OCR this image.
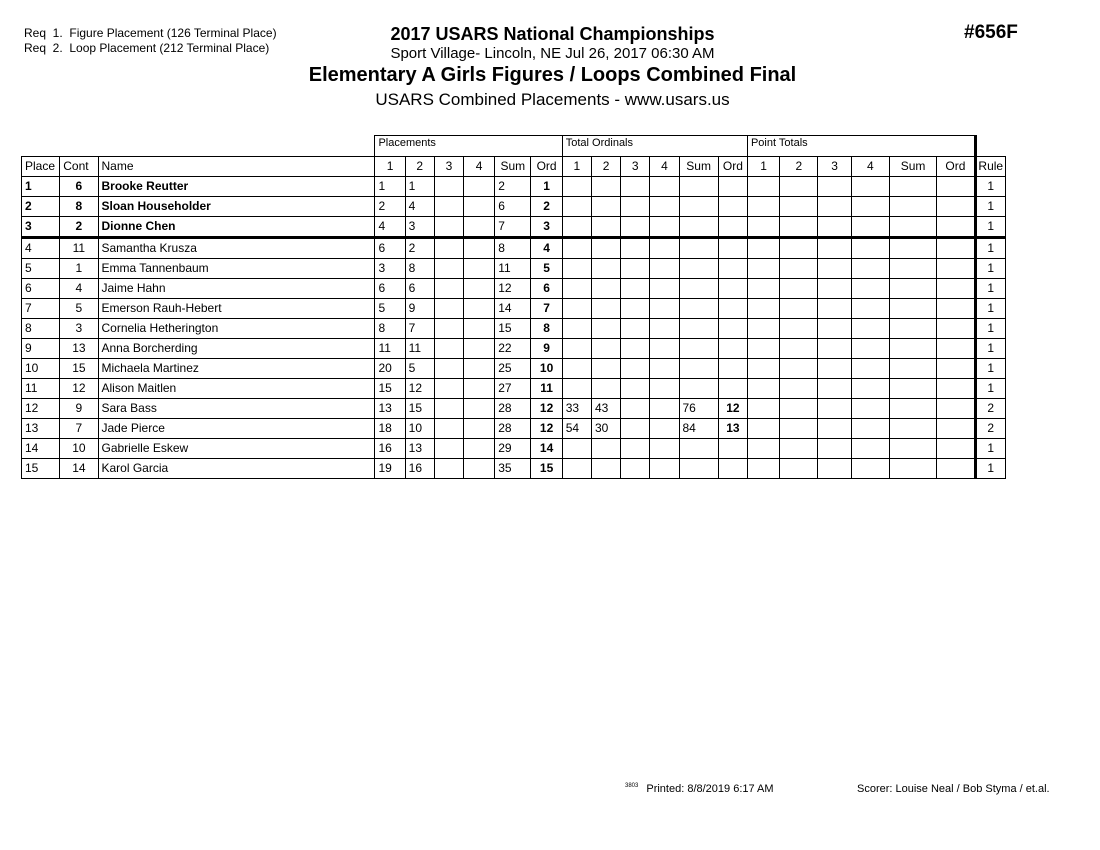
Req  1.  Figure Placement (126 Terminal Place)
Req  2.  Loop Placement (212 Terminal Place)
#656F
2017 USARS National Championships
Sport Village- Lincoln, NE Jul 26, 2017 06:30 AM
Elementary A Girls Figures / Loops Combined Final
USARS Combined Placements - www.usars.us
			Placements						Total Ordinals						Point Totals						
Place	Cont	Name	1	2	3	4	Sum	Ord	1	2	3	4	Sum	Ord	1	2	3	4	Sum	Ord	Rule
1	6	Brooke Reutter	1	1			2	1													1
2	8	Sloan Householder	2	4			6	2													1
3	2	Dionne Chen	4	3			7	3													1
4	11	Samantha Krusza	6	2			8	4													1
5	1	Emma Tannenbaum	3	8			11	5													1
6	4	Jaime Hahn	6	6			12	6													1
7	5	Emerson Rauh-Hebert	5	9			14	7													1
8	3	Cornelia Hetherington	8	7			15	8													1
9	13	Anna Borcherding	11	11			22	9													1
10	15	Michaela Martinez	20	5			25	10													1
11	12	Alison Maitlen	15	12			27	11													1
12	9	Sara Bass	13	15			28	12	33	43			76	12							2
13	7	Jade Pierce	18	10			28	12	54	30			84	13							2
14	10	Gabrielle Eskew	16	13			29	14													1
15	14	Karol Garcia	19	16			35	15													1
$^{3803}$ Printed: 8/8/2019 6:17 AM	Scorer: Louise Neal / Bob Styma / et.al.
